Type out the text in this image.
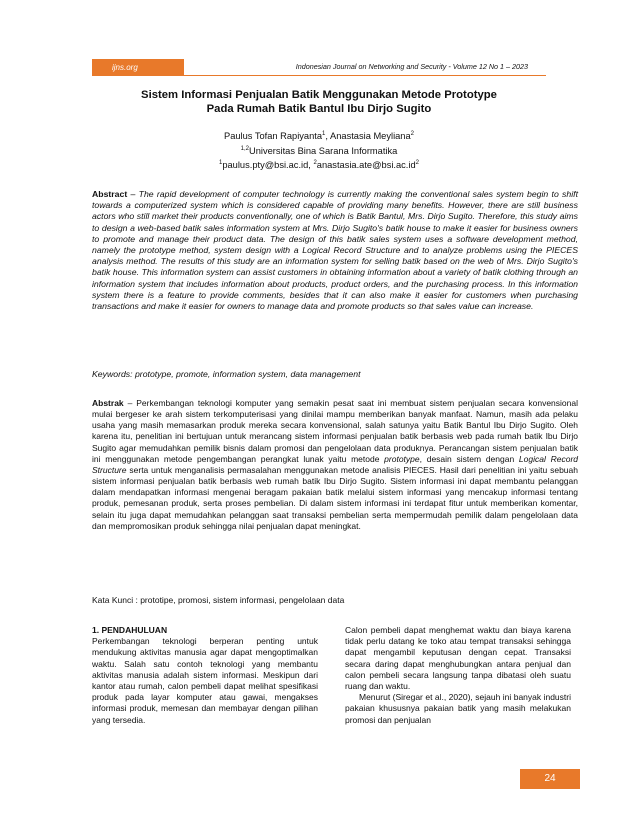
ijns.org	Indonesian Journal on Networking and Security - Volume 12 No 1 – 2023
Sistem Informasi Penjualan Batik Menggunakan Metode Prototype
Pada Rumah Batik Bantul Ibu Dirjo Sugito
Paulus Tofan Rapiyanta$^1$, Anastasia Meyliana$^2$
$^{1,2}$Universitas Bina Sarana Informatika
$^1$paulus.pty@bsi.ac.id, $^2anastasia.ate@bsi.ac.id^2$
Abstract – The rapid development of computer technology is currently making the conventional sales system begin to shift towards a computerized system which is considered capable of providing many benefits. However, there are still business actors who still market their products conventionally, one of which is Batik Bantul, Mrs. Dirjo Sugito. Therefore, this study aims to design a web-based batik sales information system at Mrs. Dirjo Sugito's batik house to make it easier for business owners to promote and manage their product data. The design of this batik sales system uses a software development method, namely the prototype method, system design with a Logical Record Structure and to analyze problems using the PIECES analysis method. The results of this study are an information system for selling batik based on the web of Mrs. Dirjo Sugito's batik house. This information system can assist customers in obtaining information about a variety of batik clothing through an information system that includes information about products, product orders, and the purchasing process. In this information system there is a feature to provide comments, besides that it can also make it easier for customers when purchasing transactions and make it easier for owners to manage data and promote products so that sales value can increase.
Keywords: prototype, promote, information system, data management
Abstrak – Perkembangan teknologi komputer yang semakin pesat saat ini membuat sistem penjualan secara konvensional mulai bergeser ke arah sistem terkomputerisasi yang dinilai mampu memberikan banyak manfaat. Namun, masih ada pelaku usaha yang masih memasarkan produk mereka secara konvensional, salah satunya yaitu Batik Bantul Ibu Dirjo Sugito. Oleh karena itu, penelitian ini bertujuan untuk merancang sistem informasi penjualan batik berbasis web pada rumah batik Ibu Dirjo Sugito agar memudahkan pemilik bisnis dalam promosi dan pengelolaan data produknya. Perancangan sistem penjualan batik ini menggunakan metode pengembangan perangkat lunak yaitu metode prototype, desain sistem dengan Logical Record Structure serta untuk menganalisis permasalahan menggunakan metode analisis PIECES. Hasil dari penelitian ini yaitu sebuah sistem informasi penjualan batik berbasis web rumah batik Ibu Dirjo Sugito. Sistem informasi ini dapat membantu pelanggan dalam mendapatkan informasi mengenai beragam pakaian batik melalui sistem informasi yang mencakup informasi tentang produk, pemesanan produk, serta proses pembelian. Di dalam sistem informasi ini terdapat fitur untuk memberikan komentar, selain itu juga dapat memudahkan pelanggan saat transaksi pembelian serta mempermudah pemilik dalam pengelolaan data dan mempromosikan produk sehingga nilai penjualan dapat meningkat.
Kata Kunci : prototipe, promosi, sistem informasi, pengelolaan data
1. PENDAHULUAN
Perkembangan teknologi berperan penting untuk mendukung aktivitas manusia agar dapat mengoptimalkan waktu. Salah satu contoh teknologi yang membantu aktivitas manusia adalah sistem informasi. Meskipun dari kantor atau rumah, calon pembeli dapat melihat spesifikasi produk pada layar komputer atau gawai, mengakses informasi produk, memesan dan membayar dengan pilihan yang tersedia.
Calon pembeli dapat menghemat waktu dan biaya karena tidak perlu datang ke toko atau tempat transaksi sehingga dapat mengambil keputusan dengan cepat. Transaksi secara daring dapat menghubungkan antara penjual dan calon pembeli secara langsung tanpa dibatasi oleh suatu ruang dan waktu.
Menurut (Siregar et al., 2020), sejauh ini banyak industri pakaian khususnya pakaian batik yang masih melakukan promosi dan penjualan
24
